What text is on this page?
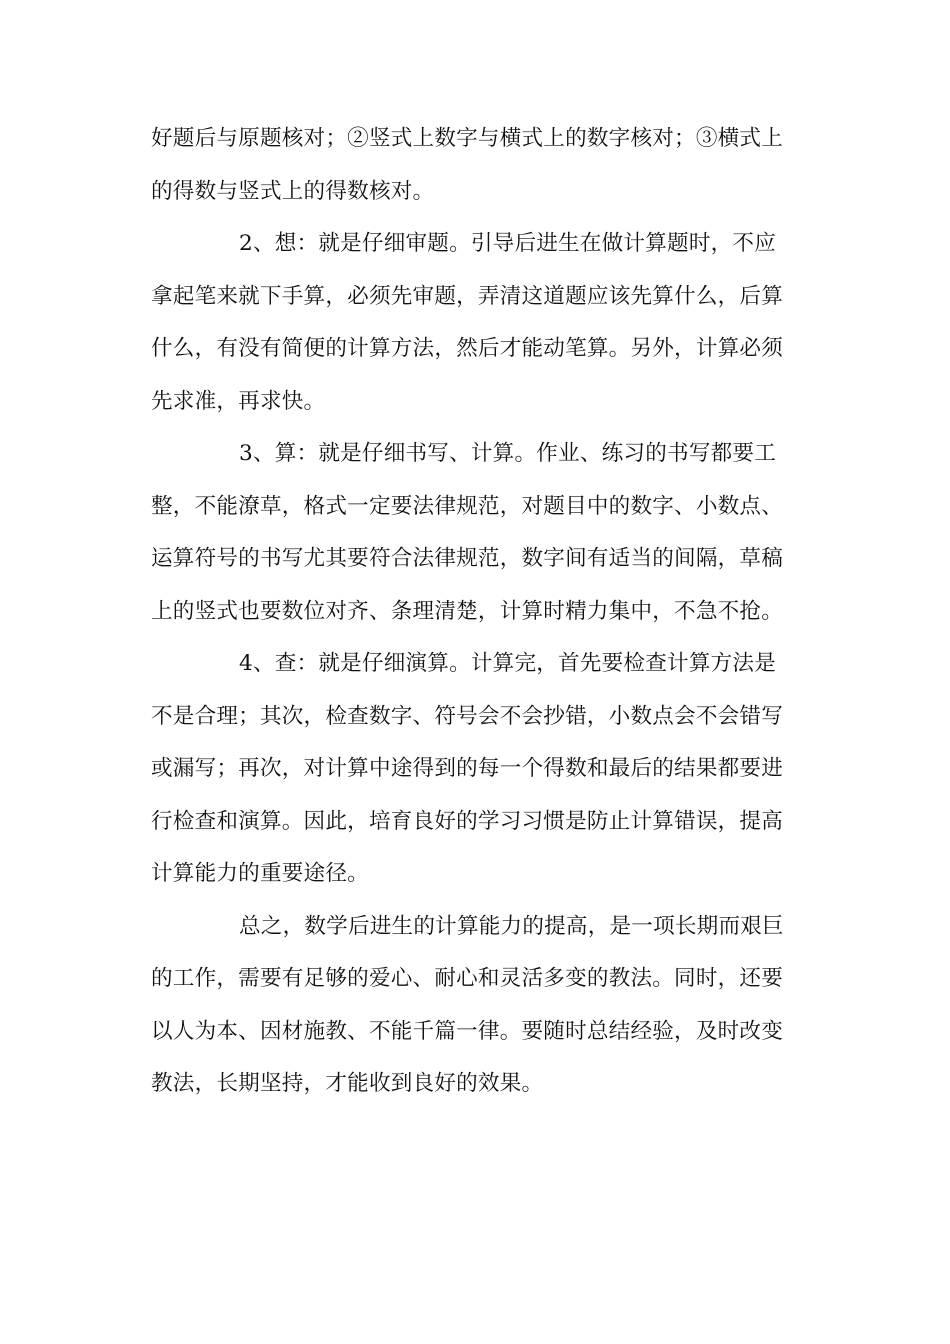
好题后与原题核对；②竖式上数字与横式上的数字核对；③横式上
的得数与竖式上的得数核对。
2、想：就是仔细审题。引导后进生在做计算题时，不应
拿起笔来就下手算，必须先审题，弄清这道题应该先算什么，后算
什么，有没有简便的计算方法，然后才能动笔算。另外，计算必须
先求准，再求快。
3、算：就是仔细书写、计算。作业、练习的书写都要工
整，不能潦草，格式一定要法律规范，对题目中的数字、小数点、
运算符号的书写尤其要符合法律规范，数字间有适当的间隔，草稿
上的竖式也要数位对齐、条理清楚，计算时精力集中，不急不抢。
4、查：就是仔细演算。计算完，首先要检查计算方法是
不是合理；其次，检查数字、符号会不会抄错，小数点会不会错写
或漏写；再次，对计算中途得到的每一个得数和最后的结果都要进
行检查和演算。因此，培育良好的学习习惯是防止计算错误，提高
计算能力的重要途径。
总之，数学后进生的计算能力的提高，是一项长期而艰巨
的工作，需要有足够的爱心、耐心和灵活多变的教法。同时，还要
以人为本、因材施教、不能千篇一律。要随时总结经验，及时改变
教法，长期坚持，才能收到良好的效果。
